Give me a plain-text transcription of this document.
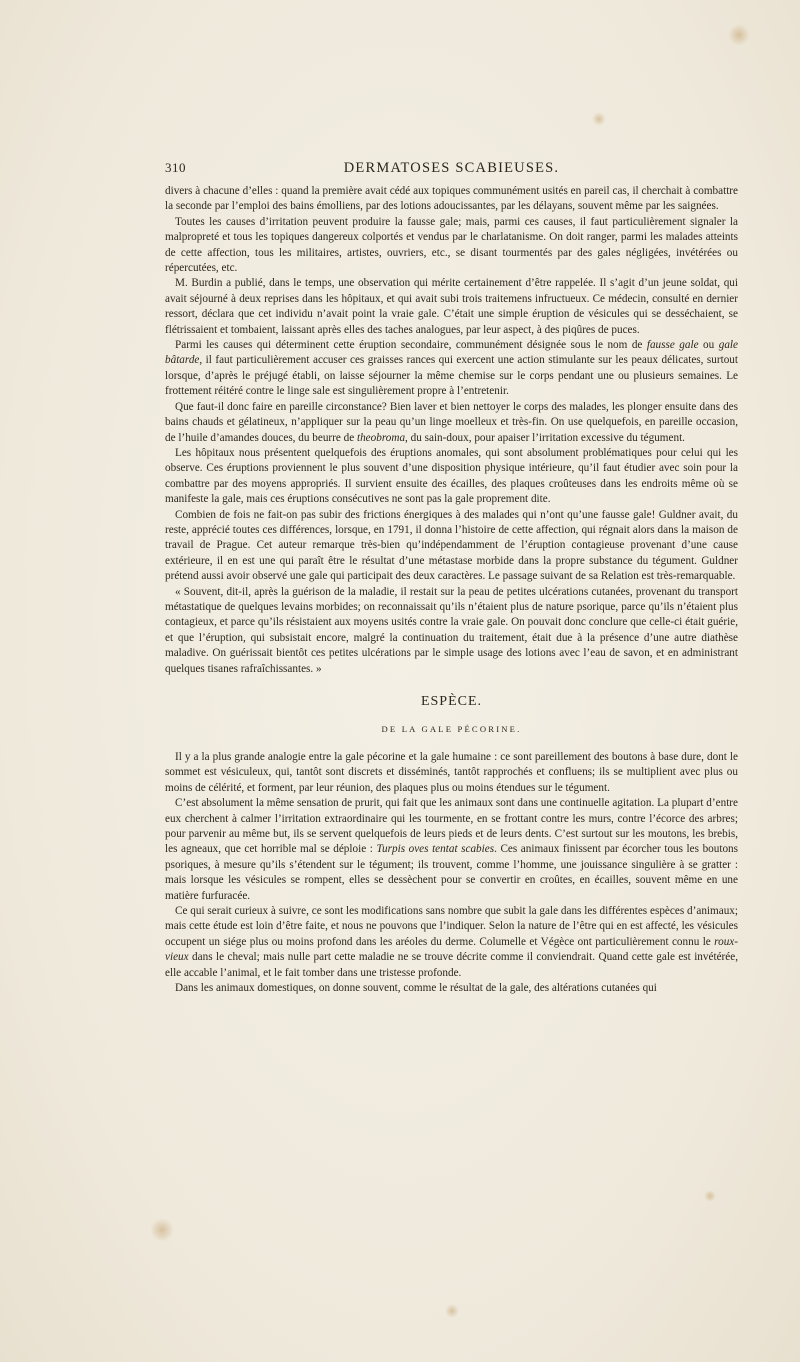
310	DERMATOSES SCABIEUSES.

divers à chacune d’elles : quand la première avait cédé aux topiques communément usités en pareil cas, il cherchait à combattre la seconde par l’emploi des bains émolliens, par des lotions adoucissantes, par les délayans, souvent même par les saignées.

Toutes les causes d’irritation peuvent produire la fausse gale; mais, parmi ces causes, il faut particulièrement signaler la malpropreté et tous les topiques dangereux colportés et vendus par le charlatanisme. On doit ranger, parmi les malades atteints de cette affection, tous les militaires, artistes, ouvriers, etc., se disant tourmentés par des gales négligées, invétérées ou répercutées, etc.

M. Burdin a publié, dans le temps, une observation qui mérite certainement d’être rappelée. Il s’agit d’un jeune soldat, qui avait séjourné à deux reprises dans les hôpitaux, et qui avait subi trois traitemens infructueux. Ce médecin, consulté en dernier ressort, déclara que cet individu n’avait point la vraie gale. C’était une simple éruption de vésicules qui se desséchaient, se flétrissaient et tombaient, laissant après elles des taches analogues, par leur aspect, à des piqûres de puces.

Parmi les causes qui déterminent cette éruption secondaire, communément désignée sous le nom de fausse gale ou gale bâtarde, il faut particulièrement accuser ces graisses rances qui exercent une action stimulante sur les peaux délicates, surtout lorsque, d’après le préjugé établi, on laisse séjourner la même chemise sur le corps pendant une ou plusieurs semaines. Le frottement réitéré contre le linge sale est singulièrement propre à l’entretenir.

Que faut-il donc faire en pareille circonstance? Bien laver et bien nettoyer le corps des malades, les plonger ensuite dans des bains chauds et gélatineux, n’appliquer sur la peau qu’un linge moelleux et très-fin. On use quelquefois, en pareille occasion, de l’huile d’amandes douces, du beurre de theobroma, du sain-doux, pour apaiser l’irritation excessive du tégument.

Les hôpitaux nous présentent quelquefois des éruptions anomales, qui sont absolument problématiques pour celui qui les observe. Ces éruptions proviennent le plus souvent d’une disposition physique intérieure, qu’il faut étudier avec soin pour la combattre par des moyens appropriés. Il survient ensuite des écailles, des plaques croûteuses dans les endroits même où se manifeste la gale, mais ces éruptions consécutives ne sont pas la gale proprement dite.

Combien de fois ne fait-on pas subir des frictions énergiques à des malades qui n’ont qu’une fausse gale! Guldner avait, du reste, apprécié toutes ces différences, lorsque, en 1791, il donna l’histoire de cette affection, qui régnait alors dans la maison de travail de Prague. Cet auteur remarque très-bien qu’indépendamment de l’éruption contagieuse provenant d’une cause extérieure, il en est une qui paraît être le résultat d’une métastase morbide dans la propre substance du tégument. Guldner prétend aussi avoir observé une gale qui participait des deux caractères. Le passage suivant de sa Relation est très-remarquable.

« Souvent, dit-il, après la guérison de la maladie, il restait sur la peau de petites ulcérations cutanées, provenant du transport métastatique de quelques levains morbides; on reconnaissait qu’ils n’étaient plus de nature psorique, parce qu’ils n’étaient plus contagieux, et parce qu’ils résistaient aux moyens usités contre la vraie gale. On pouvait donc conclure que celle-ci était guérie, et que l’éruption, qui subsistait encore, malgré la continuation du traitement, était due à la présence d’une autre diathèse maladive. On guérissait bientôt ces petites ulcérations par le simple usage des lotions avec l’eau de savon, et en administrant quelques tisanes rafraîchissantes. »

ESPÈCE.
DE LA GALE PÉCORINE.

Il y a la plus grande analogie entre la gale pécorine et la gale humaine : ce sont pareillement des boutons à base dure, dont le sommet est vésiculeux, qui, tantôt sont discrets et disséminés, tantôt rapprochés et confluens; ils se multiplient avec plus ou moins de célérité, et forment, par leur réunion, des plaques plus ou moins étendues sur le tégument.

C’est absolument la même sensation de prurit, qui fait que les animaux sont dans une continuelle agitation. La plupart d’entre eux cherchent à calmer l’irritation extraordinaire qui les tourmente, en se frottant contre les murs, contre l’écorce des arbres; pour parvenir au même but, ils se servent quelquefois de leurs pieds et de leurs dents. C’est surtout sur les moutons, les brebis, les agneaux, que cet horrible mal se déploie : Turpis oves tentat scabies. Ces animaux finissent par écorcher tous les boutons psoriques, à mesure qu’ils s’étendent sur le tégument; ils trouvent, comme l’homme, une jouissance singulière à se gratter : mais lorsque les vésicules se rompent, elles se dessèchent pour se convertir en croûtes, en écailles, souvent même en une matière furfuracée.

Ce qui serait curieux à suivre, ce sont les modifications sans nombre que subit la gale dans les différentes espèces d’animaux; mais cette étude est loin d’être faite, et nous ne pouvons que l’indiquer. Selon la nature de l’être qui en est affecté, les vésicules occupent un siége plus ou moins profond dans les aréoles du derme. Columelle et Végèce ont particulièrement connu le roux-vieux dans le cheval; mais nulle part cette maladie ne se trouve décrite comme il conviendrait. Quand cette gale est invétérée, elle accable l’animal, et le fait tomber dans une tristesse profonde.

Dans les animaux domestiques, on donne souvent, comme le résultat de la gale, des altérations cutanées qui
